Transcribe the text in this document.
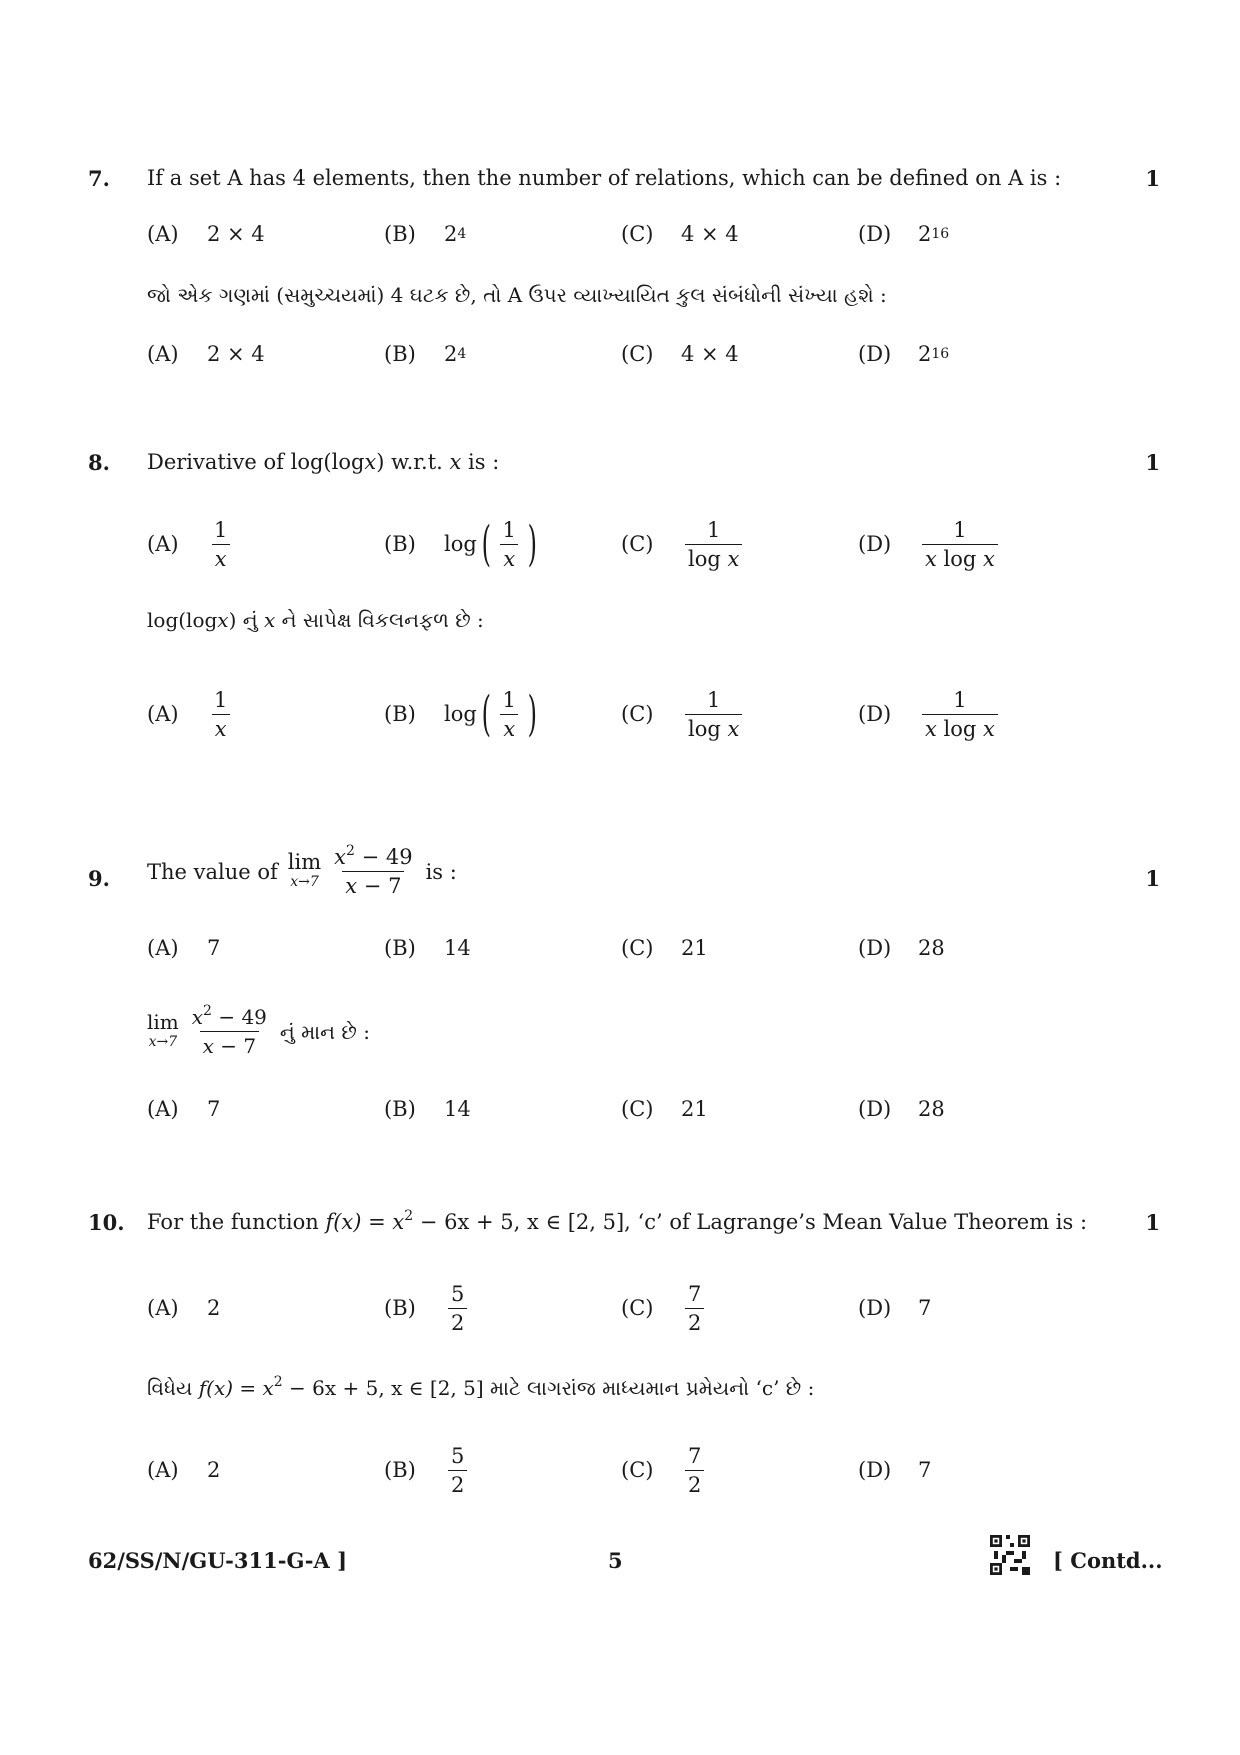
7. If a set A has 4 elements, then the number of relations, which can be defined on A is :	1
(A)	2 × 4	(B)	2 4	(C)	4 × 4	(D)	2 16
જો એક ગણમાં (સમુચ્ચયમાં) 4 ઘટક છે, તો A ઉપર વ્યાખ્યાયિત કુલ સંબંધોની સંખ્યા હશે :
(A)	2 × 4	(B)	2 4	(C)	4 × 4	(D)	2 16
8. Derivative of log(logx) w.r.t. x is :	1
(A)	$\frac{1}{x}$	(B)	log ( $\frac{1}{x}$ )	(C)	$\frac{1}{\text{log x}}$	(D)	$\frac{1}{\text{x log x}}$
log(logx) નું x ને સાપેક્ષ વિકલનફળ છે :
(A)	$\frac{1}{x}$	(B)	log ( $\frac{1}{x}$ )	(C)	$\frac{1}{\text{log x}}$	(D)	$\frac{1}{\text{x log x}}$
9. The value of lim
$x\to 7 \frac{x^2 - 49}{x - 7}$ is :	1
(A)	7	(B)	14	(C)	21	(D)	28
lim
$x\to 7 \frac{x^2 - 49}{x - 7}$ નું માન છે :
(A)	7	(B)	14	(C)	21	(D)	28
10. For the function $f(x) = x^2 - 6x + 5$, x ∈ [2, 5], ‘c’ of Lagrange’s Mean Value Theorem is :	1
(A)	2	(B)	$\frac{5}{2}$	(C)	$\frac{7}{2}$	(D)	7
વિધેય $f(x) = x^2 - 6x + 5$, x ∈ [2, 5] માટે લાગરાંજ માધ્યમાન પ્રમેયનો ‘c’ છે :
(A)	2	(B)	$\frac{5}{2}$	(C)	$\frac{7}{2}$	(D)	7
62/SS/N/GU-311-G-A ]	5	[ Contd...
